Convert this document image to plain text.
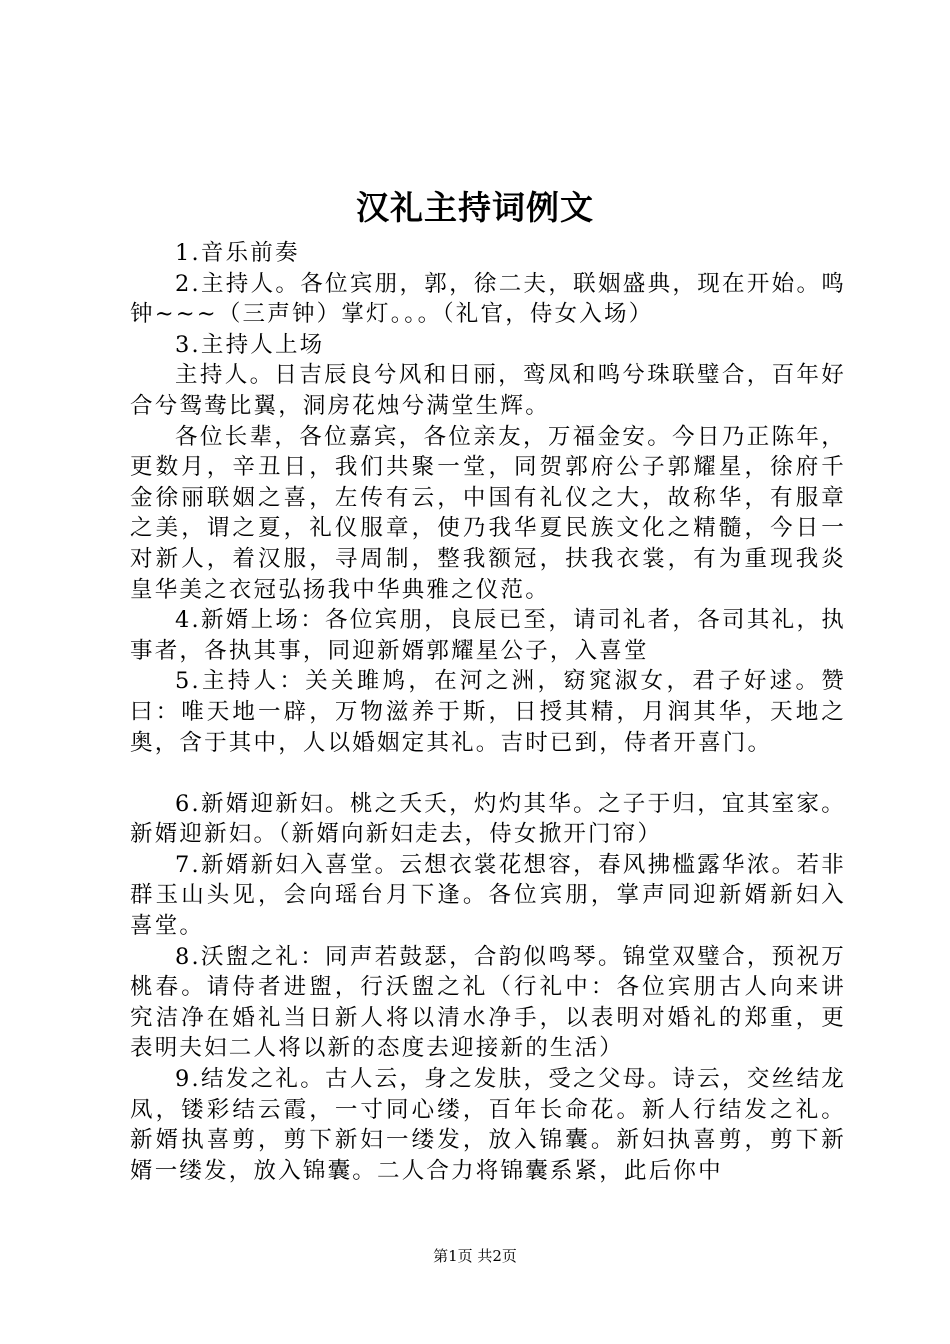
汉礼主持词例文

1.音乐前奏

2.主持人。各位宾朋，郭，徐二夫，联姻盛典，现在开始。鸣钟~~~（三声钟）掌灯。。。（礼官，侍女入场）

3.主持人上场

主持人。日吉辰良兮风和日丽，鸾凤和鸣兮珠联璧合，百年好合兮鸳鸯比翼，洞房花烛兮满堂生辉。

各位长辈，各位嘉宾，各位亲友，万福金安。今日乃正陈年，更数月，辛丑日，我们共聚一堂，同贺郭府公子郭耀星，徐府千金徐丽联姻之喜，左传有云，中国有礼仪之大，故称华，有服章之美，谓之夏，礼仪服章，使乃我华夏民族文化之精髓，今日一对新人，着汉服，寻周制，整我额冠，扶我衣裳，有为重现我炎皇华美之衣冠弘扬我中华典雅之仪范。

4.新婿上场：各位宾朋，良辰已至，请司礼者，各司其礼，执事者，各执其事，同迎新婿郭耀星公子，入喜堂

5.主持人：关关雎鸠，在河之洲，窈窕淑女，君子好逑。赞曰：唯天地一辟，万物滋养于斯，日授其精，月润其华，天地之奥，含于其中，人以婚姻定其礼。吉时已到，侍者开喜门。

6.新婿迎新妇。桃之夭夭，灼灼其华。之子于归，宜其室家。新婿迎新妇。（新婿向新妇走去，侍女掀开门帘）

7.新婿新妇入喜堂。云想衣裳花想容，春风拂槛露华浓。若非群玉山头见，会向瑶台月下逢。各位宾朋，掌声同迎新婿新妇入喜堂。

8.沃盥之礼：同声若鼓瑟，合韵似鸣琴。锦堂双璧合，预祝万桃春。请侍者进盥，行沃盥之礼（行礼中：各位宾朋古人向来讲究洁净在婚礼当日新人将以清水净手，以表明对婚礼的郑重，更表明夫妇二人将以新的态度去迎接新的生活）

9.结发之礼。古人云，身之发肤，受之父母。诗云，交丝结龙凤，镂彩结云霞，一寸同心缕，百年长命花。新人行结发之礼。新婿执喜剪，剪下新妇一缕发，放入锦囊。新妇执喜剪，剪下新婿一缕发，放入锦囊。二人合力将锦囊系紧，此后你中

第1页 共2页
